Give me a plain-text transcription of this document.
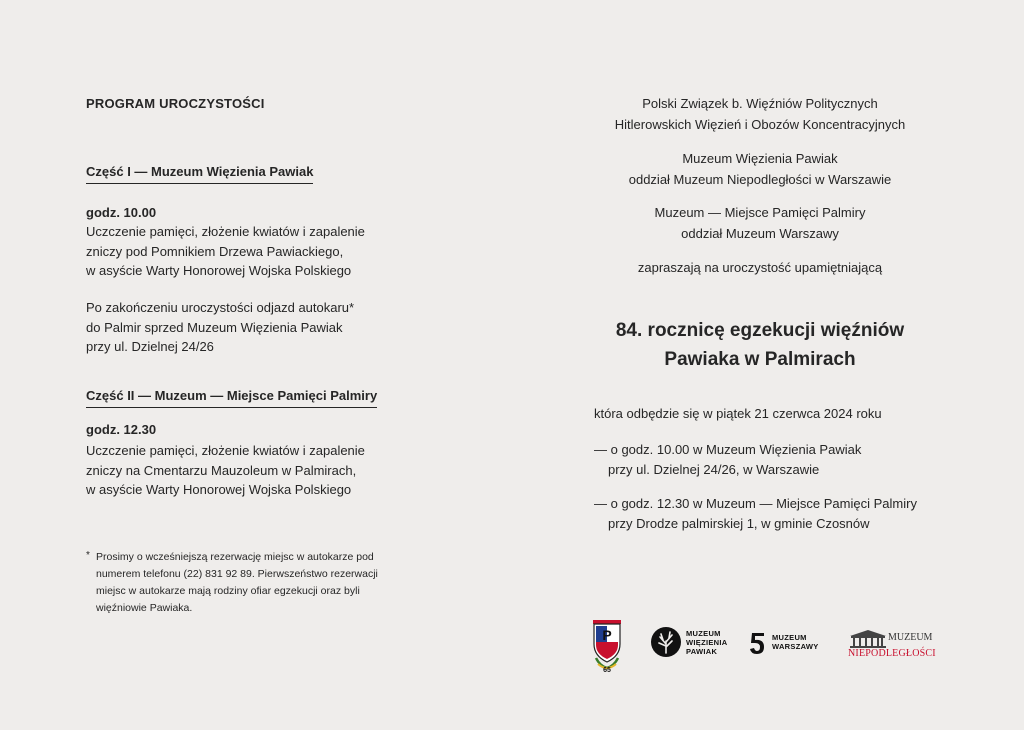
PROGRAM UROCZYSTOŚCI
Część I — Muzeum Więzienia Pawiak
godz. 10.00
Uczczenie pamięci, złożenie kwiatów i zapalenie
zniczy pod Pomnikiem Drzewa Pawiackiego,
w asyście Warty Honorowej Wojska Polskiego
Po zakończeniu uroczystości odjazd autokaru*
do Palmir sprzed Muzeum Więzienia Pawiak
przy ul. Dzielnej 24/26
Część II — Muzeum — Miejsce Pamięci Palmiry
godz. 12.30
Uczczenie pamięci, złożenie kwiatów i zapalenie
zniczy na Cmentarzu Mauzoleum w Palmirach,
w asyście Warty Honorowej Wojska Polskiego
* Prosimy o wcześniejszą rezerwację miejsc w autokarze pod
numerem telefonu (22) 831 92 89. Pierwszeństwo rezerwacji
miejsc w autokarze mają rodziny ofiar egzekucji oraz byli
więźniowie Pawiaka.
Polski Związek b. Więźniów Politycznych
Hitlerowskich Więzień i Obozów Koncentracyjnych
Muzeum Więzienia Pawiak
oddział Muzeum Niepodległości w Warszawie
Muzeum — Miejsce Pamięci Palmiry
oddział Muzeum Warszawy
zapraszają na uroczystość upamiętniającą
84. rocznicę egzekucji więźniów
Pawiaka w Palmirach
która odbędzie się w piątek 21 czerwca 2024 roku
— o godz. 10.00 w Muzeum Więzienia Pawiak
przy ul. Dzielnej 24/26, w Warszawie
— o godz. 12.30 w Muzeum — Miejsce Pamięci Palmiry
przy Drodze palmirskiej 1, w gminie Czosnów
P
65
MUZEUM
WIĘZIENIA
PAWIAK
MUZEUM
WARSZAWY
MUZEUM
NIEPODLEGŁOŚCI
